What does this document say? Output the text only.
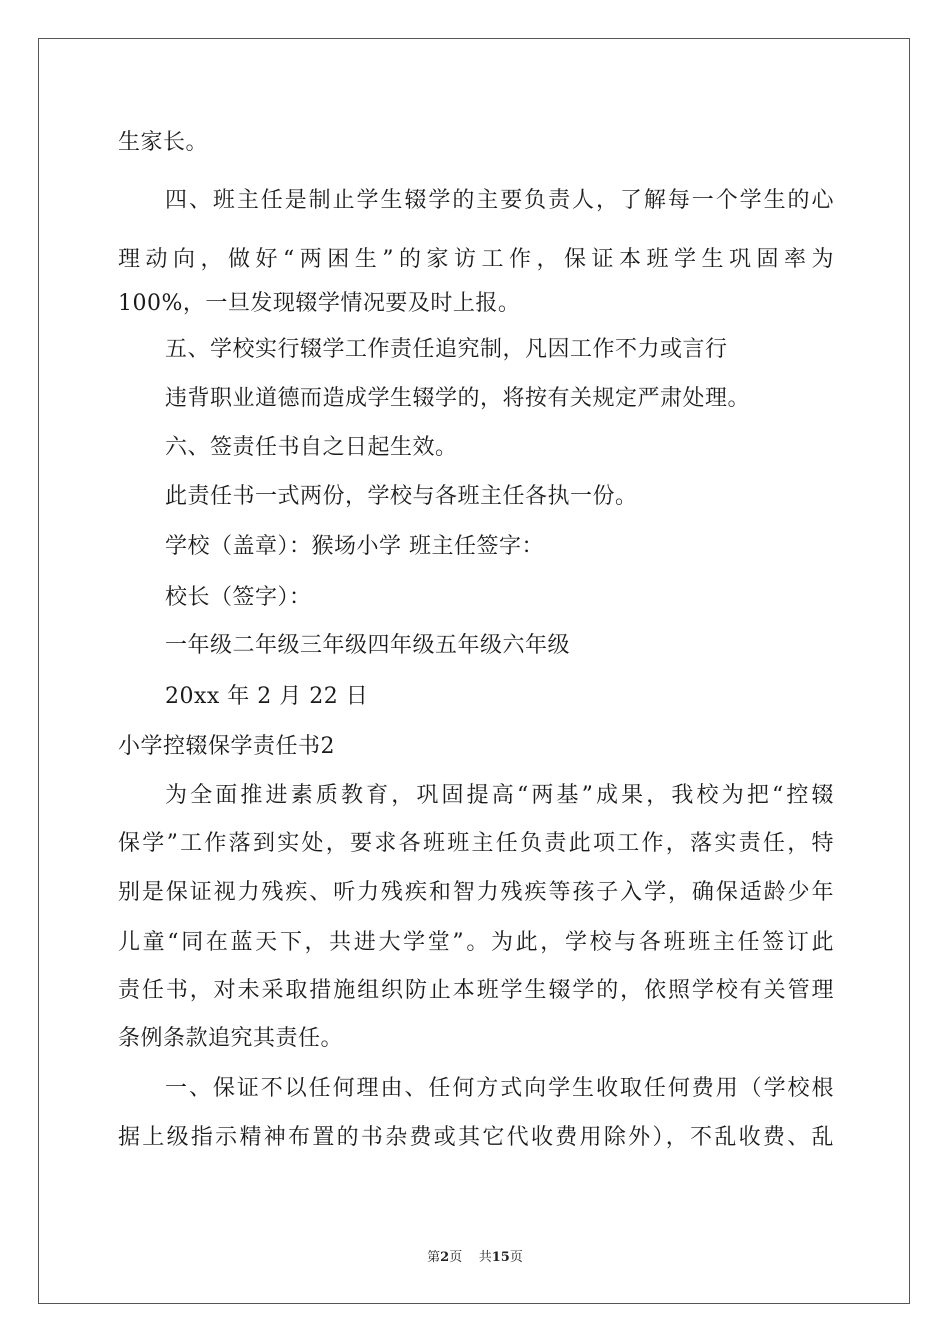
生家长。
四、班主任是制止学生辍学的主要负责人，了解每一个学生的心
理动向，做好“两困生”的家访工作，保证本班学生巩固率为
100%，一旦发现辍学情况要及时上报。
五、学校实行辍学工作责任追究制，凡因工作不力或言行
违背职业道德而造成学生辍学的，将按有关规定严肃处理。
六、签责任书自之日起生效。
此责任书一式两份，学校与各班主任各执一份。
学校（盖章）：猴场小学 班主任签字：
校长（签字）：
一年级二年级三年级四年级五年级六年级
20xx 年 2 月 22 日
小学控辍保学责任书2
为全面推进素质教育，巩固提高“两基”成果，我校为把“控辍
保学”工作落到实处，要求各班班主任负责此项工作，落实责任，特
别是保证视力残疾、听力残疾和智力残疾等孩子入学，确保适龄少年
儿童“同在蓝天下，共进大学堂”。为此，学校与各班班主任签订此
责任书，对未采取措施组织防止本班学生辍学的，依照学校有关管理
条例条款追究其责任。
一、保证不以任何理由、任何方式向学生收取任何费用（学校根
据上级指示精神布置的书杂费或其它代收费用除外），不乱收费、乱
第2页 共15页
